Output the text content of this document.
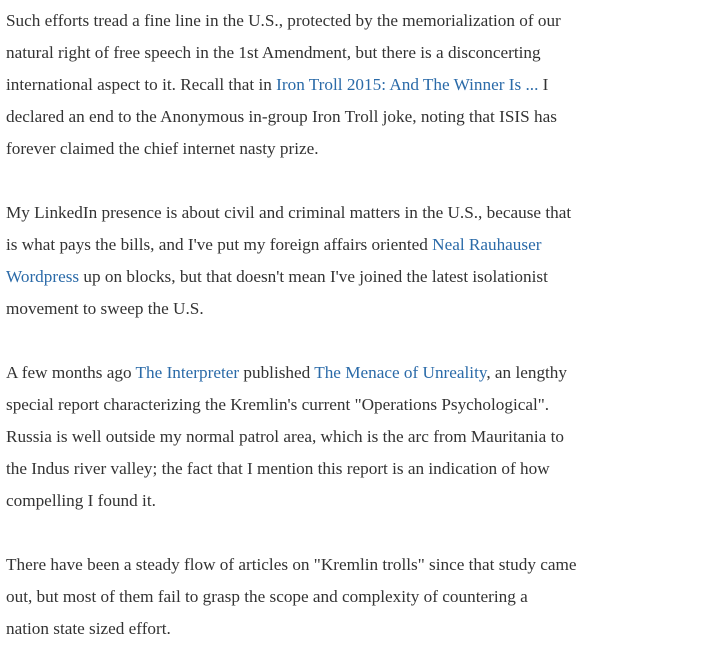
Such efforts tread a fine line in the U.S., protected by the memorialization of our
natural right of free speech in the 1st Amendment, but there is a disconcerting
international aspect to it. Recall that in Iron Troll 2015: And The Winner Is ... I
declared an end to the Anonymous in-group Iron Troll joke, noting that ISIS has
forever claimed the chief internet nasty prize.

My LinkedIn presence is about civil and criminal matters in the U.S., because that
is what pays the bills, and I've put my foreign affairs oriented Neal Rauhauser
Wordpress up on blocks, but that doesn't mean I've joined the latest isolationist
movement to sweep the U.S.

A few months ago The Interpreter published The Menace of Unreality, an lengthy
special report characterizing the Kremlin's current "Operations Psychological".
Russia is well outside my normal patrol area, which is the arc from Mauritania to
the Indus river valley; the fact that I mention this report is an indication of how
compelling I found it.

There have been a steady flow of articles on "Kremlin trolls" since that study came
out, but most of them fail to grasp the scope and complexity of countering a
nation state sized effort.
